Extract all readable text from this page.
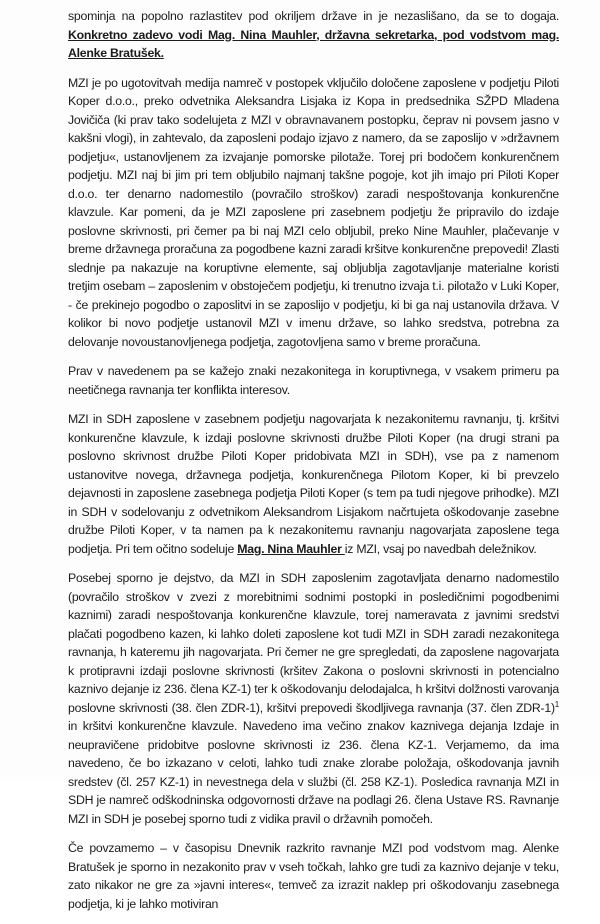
spominja na popolno razlastitev pod okriljem države in je nezaslišano, da se to dogaja. Konkretno zadevo vodi Mag. Nina Mauhler, državna sekretarka, pod vodstvom mag. Alenke Bratušek.

MZI je po ugotovitvah medija namreč v postopek vključilo določene zaposlene v podjetju Piloti Koper d.o.o., preko odvetnika Aleksandra Lisjaka iz Kopa in predsednika SŽPD Mladena Jovičiča (ki prav tako sodelujeta z MZI v obravnavanem postopku, čeprav ni povsem jasno v kakšni vlogi), in zahtevalo, da zaposleni podajo izjavo z namero, da se zaposlijo v »državnem podjetju«, ustanovljenem za izvajanje pomorske pilotaže. Torej pri bodočem konkurenčnem podjetju. MZI naj bi jim pri tem obljubilo najmanj takšne pogoje, kot jih imajo pri Piloti Koper d.o.o. ter denarno nadomestilo (povračilo stroškov) zaradi nespoštovanja konkurenčne klavzule. Kar pomeni, da je MZI zaposlene pri zasebnem podjetju že pripravilo do izdaje poslovne skrivnosti, pri čemer pa bi naj MZI celo obljubil, preko Nine Mauhler, plačevanje v breme državnega proračuna za pogodbene kazni zaradi kršitve konkurenčne prepovedi! Zlasti slednje pa nakazuje na koruptivne elemente, saj obljublja zagotavljanje materialne koristi tretjim osebam – zaposlenim v obstoječem podjetju, ki trenutno izvaja t.i. pilotažo v Luki Koper, - če prekinejo pogodbo o zaposlitvi in se zaposlijo v podjetju, ki bi ga naj ustanovila država. V kolikor bi novo podjetje ustanovil MZI v imenu države, so lahko sredstva, potrebna za delovanje novoustanovljenega podjetja, zagotovljena samo v breme proračuna.

Prav v navedenem pa se kažejo znaki nezakonitega in koruptivnega, v vsakem primeru pa neetičnega ravnanja ter konflikta interesov.

MZI in SDH zaposlene v zasebnem podjetju nagovarjata k nezakonitemu ravnanju, tj. kršitvi konkurenčne klavzule, k izdaji poslovne skrivnosti družbe Piloti Koper (na drugi strani pa poslovno skrivnost družbe Piloti Koper pridobivata MZI in SDH), vse pa z namenom ustanovitve novega, državnega podjetja, konkurenčnega Pilotom Koper, ki bi prevzelo dejavnosti in zaposlene zasebnega podjetja Piloti Koper (s tem pa tudi njegove prihodke). MZI in SDH v sodelovanju z odvetnikom Aleksandrom Lisjakom načrtujeta oškodovanje zasebne družbe Piloti Koper, v ta namen pa k nezakonitemu ravnanju nagovarjata zaposlene tega podjetja. Pri tem očitno sodeluje Mag. Nina Mauhler iz MZI, vsaj po navedbah deležnikov.

Posebej sporno je dejstvo, da MZI in SDH zaposlenim zagotavljata denarno nadomestilo (povračilo stroškov v zvezi z morebitnimi sodnimi postopki in posledičnimi pogodbenimi kaznimi) zaradi nespoštovanja konkurenčne klavzule, torej nameravata z javnimi sredstvi plačati pogodbeno kazen, ki lahko doleti zaposlene kot tudi MZI in SDH zaradi nezakonitega ravnanja, h kateremu jih nagovarjata. Pri čemer ne gre spregledati, da zaposlene nagovarjata k protipravni izdaji poslovne skrivnosti (kršitev Zakona o poslovni skrivnosti in potencialno kaznivo dejanje iz 236. člena KZ-1) ter k oškodovanju delodajalca, h kršitvi dolžnosti varovanja poslovne skrivnosti (38. člen ZDR-1), kršitvi prepovedi škodljivega ravnanja (37. člen ZDR-1)$^1$ in kršitvi konkurenčne klavzule. Navedeno ima večino znakov kaznivega dejanja Izdaje in neupravičene pridobitve poslovne skrivnosti iz 236. člena KZ-1. Verjamemo, da ima navedeno, če bo izkazano v celoti, lahko tudi znake zlorabe položaja, oškodovanja javnih sredstev (čl. 257 KZ-1) in nevestnega dela v službi (čl. 258 KZ-1). Posledica ravnanja MZI in SDH je namreč odškodninska odgovornosti države na podlagi 26. člena Ustave RS. Ravnanje MZI in SDH je posebej sporno tudi z vidika pravil o državnih pomočeh.

Če povzamemo – v časopisu Dnevnik razkrito ravnanje MZI pod vodstvom mag. Alenke Bratušek je sporno in nezakonito prav v vseh točkah, lahko gre tudi za kaznivo dejanje v teku, zato nikakor ne gre za »javni interes«, temveč za izrazit naklep pri oškodovanju zasebnega podjetja, ki je lahko motiviran
